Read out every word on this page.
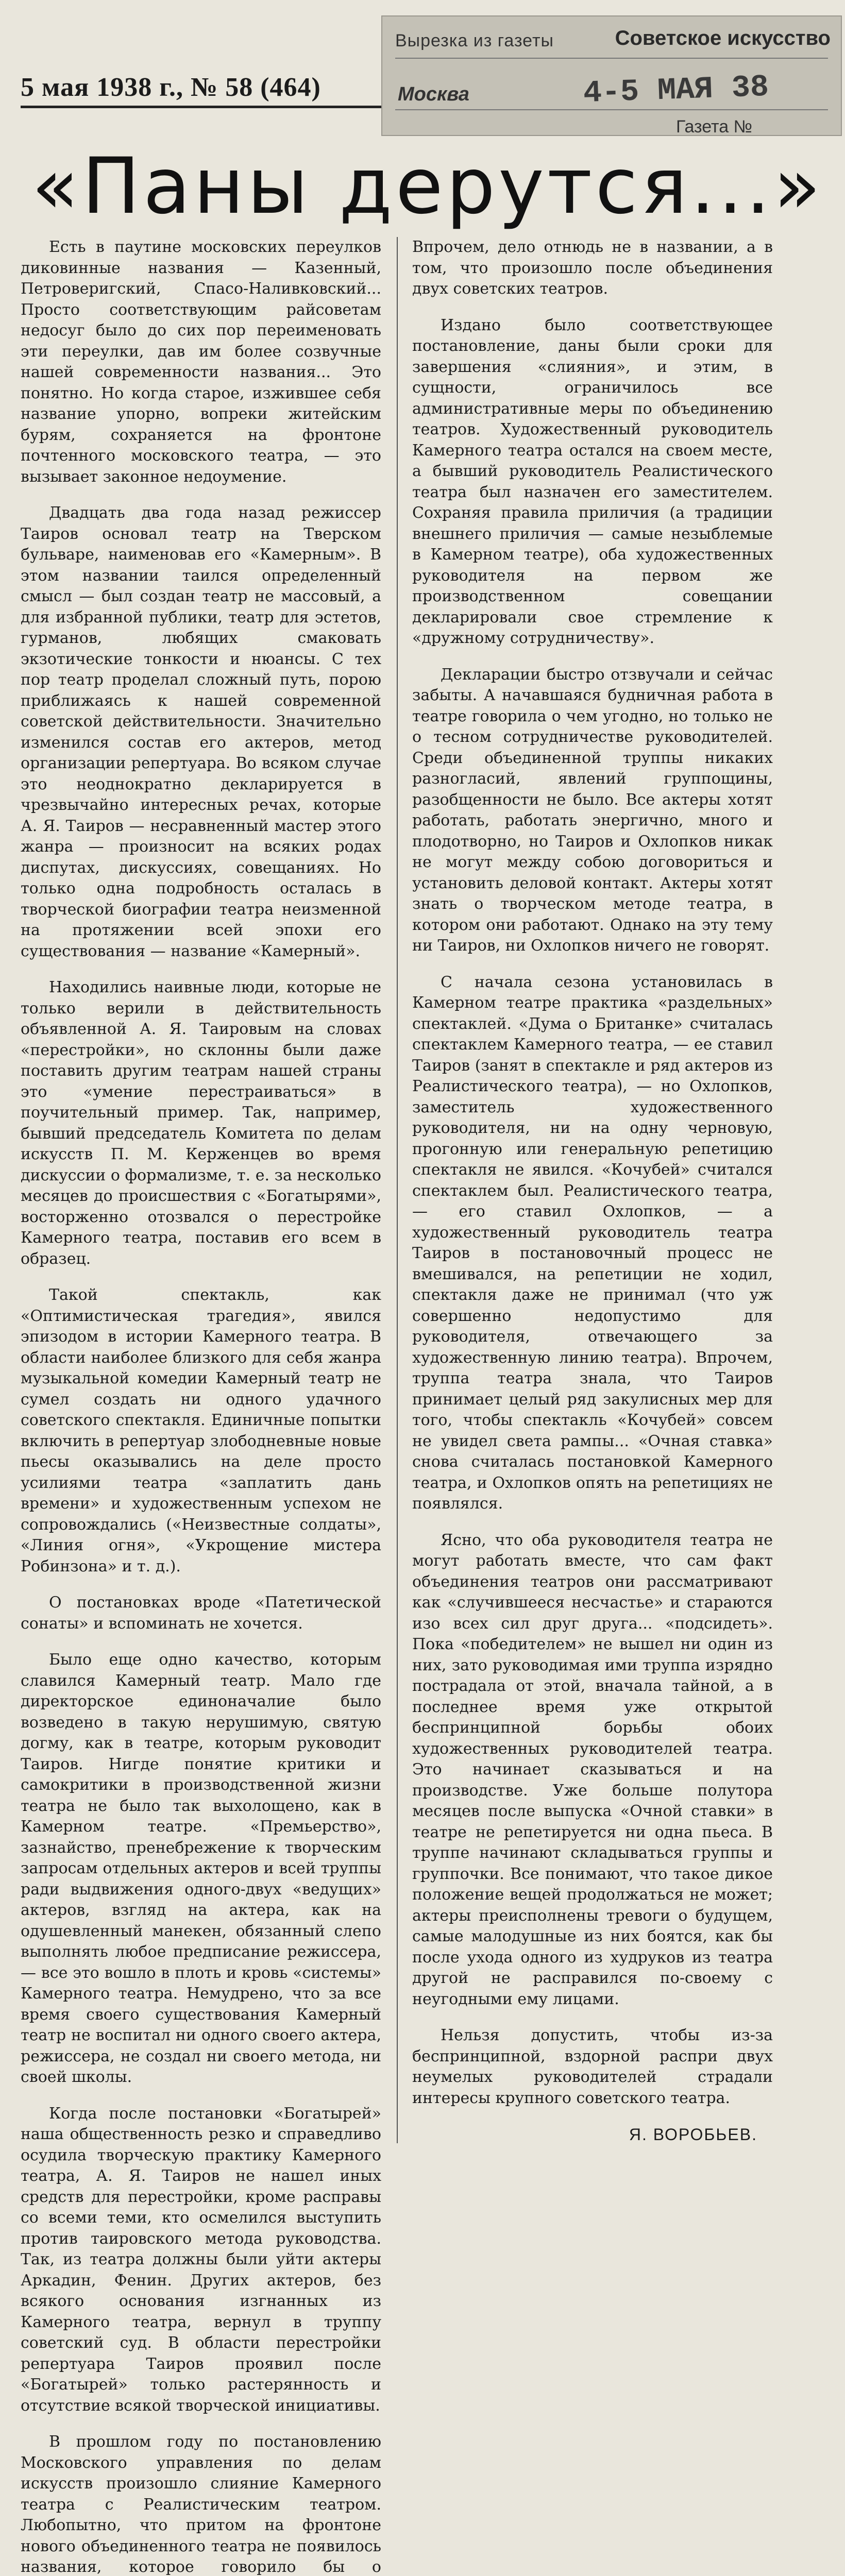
5 мая 1938 г., № 58 (464)
Вырезка из газеты	Советское искусство
Москва	4-5 МАЯ 38
Газета №
«Паны дерутся...»

Есть в паутине московских переулков диковинные названия — Казенный, Петроверигский, Спасо-Наливковский... Просто соответствующим райсоветам недосуг было до сих пор переименовать эти переулки, дав им более созвучные нашей современности названия... Это понятно. Но когда старое, изжившее себя название упорно, вопреки житейским бурям, сохраняется на фронтоне почтенного московского театра, — это вызывает законное недоумение.

Двадцать два года назад режиссер Таиров основал театр на Тверском бульваре, наименовав его «Камерным». В этом названии таился определенный смысл — был создан театр не массовый, а для избранной публики, театр для эстетов, гурманов, любящих смаковать экзотические тонкости и нюансы. С тех пор театр проделал сложный путь, порою приближаясь к нашей современной советской действительности. Значительно изменился состав его актеров, метод организации репертуара. Во всяком случае это неоднократно декларируется в чрезвычайно интересных речах, которые А. Я. Таиров — несравненный мастер этого жанра — произносит на всяких родах диспутах, дискуссиях, совещаниях. Но только одна подробность осталась в творческой биографии театра неизменной на протяжении всей эпохи его существования — название «Камерный».

Находились наивные люди, которые не только верили в действительность объявленной А. Я. Таировым на словах «перестройки», но склонны были даже поставить другим театрам нашей страны это «умение перестраиваться» в поучительный пример. Так, например, бывший председатель Комитета по делам искусств П. М. Керженцев во время дискуссии о формализме, т. е. за несколько месяцев до происшествия с «Богатырями», восторженно отозвался о перестройке Камерного театра, поставив его всем в образец.

Такой спектакль, как «Оптимистическая трагедия», явился эпизодом в истории Камерного театра. В области наиболее близкого для себя жанра музыкальной комедии Камерный театр не сумел создать ни одного удачного советского спектакля. Единичные попытки включить в репертуар злободневные новые пьесы оказывались на деле просто усилиями театра «заплатить дань времени» и художественным успехом не сопровождались («Неизвестные солдаты», «Линия огня», «Укрощение мистера Робинзона» и т. д.).

О постановках вроде «Патетической сонаты» и вспоминать не хочется.

Было еще одно качество, которым славился Камерный театр. Мало где директорское единоначалие было возведено в такую нерушимую, святую догму, как в театре, которым руководит Таиров. Нигде понятие критики и самокритики в производственной жизни театра не было так выхолощено, как в Камерном театре. «Премьерство», зазнайство, пренебрежение к творческим запросам отдельных актеров и всей труппы ради выдвижения одного-двух «ведущих» актеров, взгляд на актера, как на одушевленный манекен, обязанный слепо выполнять любое предписание режиссера, — все это вошло в плоть и кровь «системы» Камерного театра. Немудрено, что за все время своего существования Камерный театр не воспитал ни одного своего актера, режиссера, не создал ни своего метода, ни своей школы.

Когда после постановки «Богатырей» наша общественность резко и справедливо осудила творческую практику Камерного театра, А. Я. Таиров не нашел иных средств для перестройки, кроме расправы со всеми теми, кто осмелился выступить против таировского метода руководства. Так, из театра должны были уйти актеры Аркадин, Фенин. Других актеров, без всякого основания изгнанных из Камерного театра, вернул в труппу советский суд. В области перестройки репертуара Таиров проявил после «Богатырей» только растерянность и отсутствие всякой творческой инициативы.

В прошлом году по постановлению Московского управления по делам искусств произошло слияние Камерного театра с Реалистическим театром. Любопытно, что притом на фронтоне нового объединенного театра не появилось названия, которое говорило бы о

Впрочем, дело отнюдь не в названии, а в том, что произошло после объединения двух советских театров.

Издано было соответствующее постановление, даны были сроки для завершения «слияния», и этим, в сущности, ограничилось все административные меры по объединению театров. Художественный руководитель Камерного театра остался на своем месте, а бывший руководитель Реалистического театра был назначен его заместителем. Сохраняя правила приличия (а традиции внешнего приличия — самые незыблемые в Камерном театре), оба художественных руководителя на первом же производственном совещании декларировали свое стремление к «дружному сотрудничеству».

Декларации быстро отзвучали и сейчас забыты. А начавшаяся будничная работа в театре говорила о чем угодно, но только не о тесном сотрудничестве руководителей. Среди объединенной труппы никаких разногласий, явлений группощины, разобщенности не было. Все актеры хотят работать, работать энергично, много и плодотворно, но Таиров и Охлопков никак не могут между собою договориться и установить деловой контакт. Актеры хотят знать о творческом методе театра, в котором они работают. Однако на эту тему ни Таиров, ни Охлопков ничего не говорят.

С начала сезона установилась в Камерном театре практика «раздельных» спектаклей. «Дума о Британке» считалась спектаклем Камерного театра, — ее ставил Таиров (занят в спектакле и ряд актеров из Реалистического театра), — но Охлопков, заместитель художественного руководителя, ни на одну черновую, прогонную или генеральную репетицию спектакля не явился. «Кочубей» считался спектаклем был. Реалистического театра, — его ставил Охлопков, — а художественный руководитель театра Таиров в постановочный процесс не вмешивался, на репетиции не ходил, спектакля даже не принимал (что уж совершенно недопустимо для руководителя, отвечающего за художественную линию театра). Впрочем, труппа театра знала, что Таиров принимает целый ряд закулисных мер для того, чтобы спектакль «Кочубей» совсем не увидел света рампы... «Очная ставка» снова считалась постановкой Камерного театра, и Охлопков опять на репетициях не появлялся.

Ясно, что оба руководителя театра не могут работать вместе, что сам факт объединения театров они рассматривают как «случившееся несчастье» и стараются изо всех сил друг друга... «подсидеть». Пока «победителем» не вышел ни один из них, зато руководимая ими труппа изрядно пострадала от этой, вначала тайной, а в последнее время уже открытой беспринципной борьбы обоих художественных руководителей театра. Это начинает сказываться и на производстве. Уже больше полутора месяцев после выпуска «Очной ставки» в театре не репетируется ни одна пьеса. В труппе начинают складываться группы и группочки. Все понимают, что такое дикое положение вещей продолжаться не может; актеры преисполнены тревоги о будущем, самые малодушные из них боятся, как бы после ухода одного из худруков из театра другой не расправился по-своему с неугодными ему лицами.

Нельзя допустить, чтобы из-за беспринципной, вздорной распри двух неумелых руководителей страдали интересы крупного советского театра.

Я. ВОРОБЬЕВ.
